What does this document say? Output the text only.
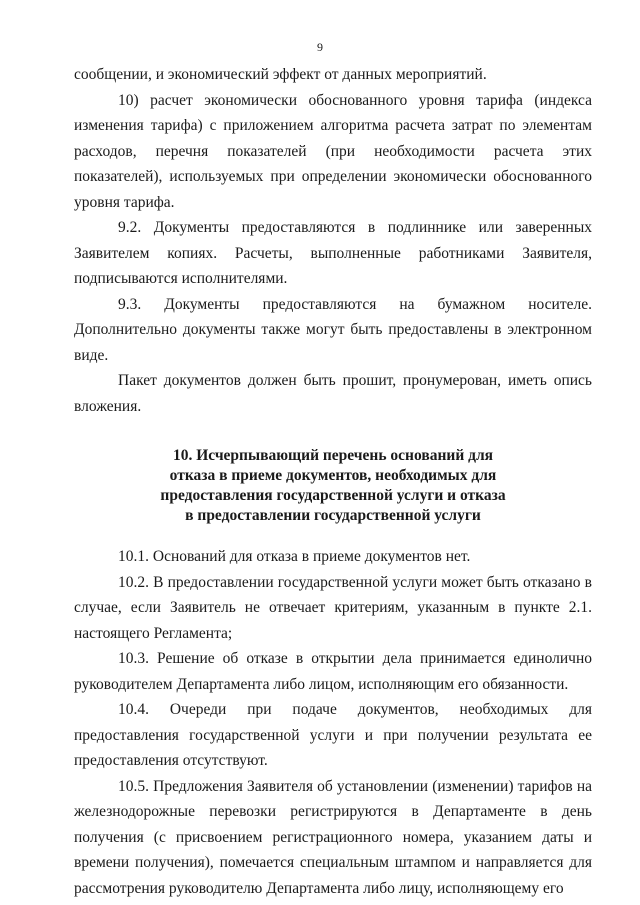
9

сообщении, и экономический эффект от данных мероприятий.

10) расчет экономически обоснованного уровня тарифа (индекса изменения тарифа) с приложением алгоритма расчета затрат по элементам расходов, перечня показателей (при необходимости расчета этих показателей), используемых при определении экономически обоснованного уровня тарифа.

9.2. Документы предоставляются в подлиннике или заверенных Заявителем копиях. Расчеты, выполненные работниками Заявителя, подписываются исполнителями.

9.3. Документы предоставляются на бумажном носителе. Дополнительно документы также могут быть предоставлены в электронном виде.

Пакет документов должен быть прошит, пронумерован, иметь опись вложения.

10. Исчерпывающий перечень оснований для
отказа в приеме документов, необходимых для
предоставления государственной услуги и отказа
в предоставлении государственной услуги

10.1. Оснований для отказа в приеме документов нет.

10.2. В предоставлении государственной услуги может быть отказано в случае, если Заявитель не отвечает критериям, указанным в пункте 2.1. настоящего Регламента;

10.3. Решение об отказе в открытии дела принимается единолично руководителем Департамента либо лицом, исполняющим его обязанности.

10.4. Очереди при подаче документов, необходимых для предоставления государственной услуги и при получении результата ее предоставления отсутствуют.

10.5. Предложения Заявителя об установлении (изменении) тарифов на железнодорожные перевозки регистрируются в Департаменте в день получения (с присвоением регистрационного номера, указанием даты и времени получения), помечается специальным штампом и направляется для рассмотрения руководителю Департамента либо лицу, исполняющему его
